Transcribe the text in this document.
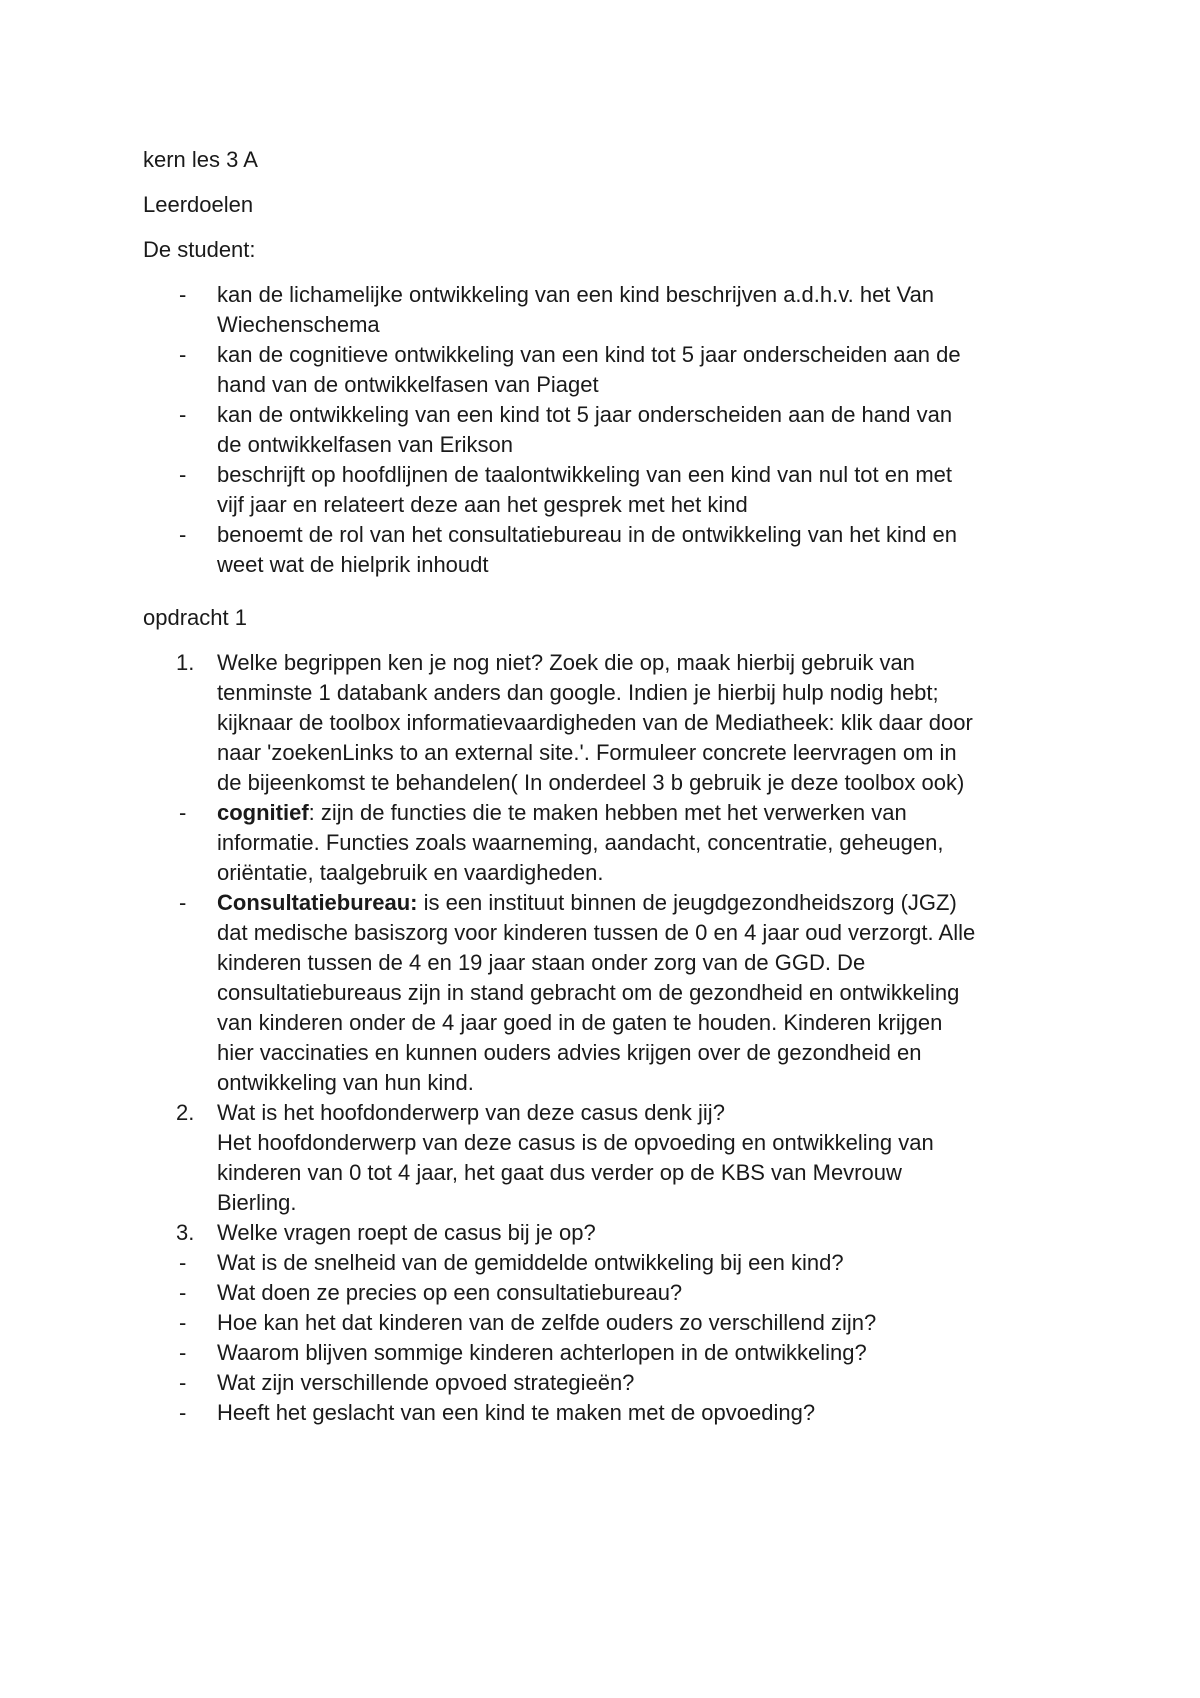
kern les 3 A

Leerdoelen

De student:

-	kan de lichamelijke ontwikkeling van een kind beschrijven a.d.h.v. het Van
Wiechenschema
-	kan de cognitieve ontwikkeling van een kind tot 5 jaar onderscheiden aan de
hand van de ontwikkelfasen van Piaget
-	kan de ontwikkeling van een kind tot 5 jaar onderscheiden aan de hand van
de ontwikkelfasen van Erikson
-	beschrijft op hoofdlijnen de taalontwikkeling van een kind van nul tot en met
vijf jaar en relateert deze aan het gesprek met het kind
-	benoemt de rol van het consultatiebureau in de ontwikkeling van het kind en
weet wat de hielprik inhoudt

opdracht 1

1.	Welke begrippen ken je nog niet? Zoek die op, maak hierbij gebruik van
tenminste 1 databank anders dan google. Indien je hierbij hulp nodig hebt;
kijknaar de toolbox informatievaardigheden van de Mediatheek: klik daar door
naar 'zoekenLinks to an external site.'. Formuleer concrete leervragen om in
de bijeenkomst te behandelen( In onderdeel 3 b gebruik je deze toolbox ook)
-	cognitief: zijn de functies die te maken hebben met het verwerken van
informatie. Functies zoals waarneming, aandacht, concentratie, geheugen,
oriëntatie, taalgebruik en vaardigheden.
-	Consultatiebureau: is een instituut binnen de jeugdgezondheidszorg (JGZ)
dat medische basiszorg voor kinderen tussen de 0 en 4 jaar oud verzorgt. Alle
kinderen tussen de 4 en 19 jaar staan onder zorg van de GGD. De
consultatiebureaus zijn in stand gebracht om de gezondheid en ontwikkeling
van kinderen onder de 4 jaar goed in de gaten te houden. Kinderen krijgen
hier vaccinaties en kunnen ouders advies krijgen over de gezondheid en
ontwikkeling van hun kind.
2.	Wat is het hoofdonderwerp van deze casus denk jij?
Het hoofdonderwerp van deze casus is de opvoeding en ontwikkeling van
kinderen van 0 tot 4 jaar, het gaat dus verder op de KBS van Mevrouw
Bierling.
3.	Welke vragen roept de casus bij je op?
-	Wat is de snelheid van de gemiddelde ontwikkeling bij een kind?
-	Wat doen ze precies op een consultatiebureau?
-	Hoe kan het dat kinderen van de zelfde ouders zo verschillend zijn?
-	Waarom blijven sommige kinderen achterlopen in de ontwikkeling?
-	Wat zijn verschillende opvoed strategieën?
-	Heeft het geslacht van een kind te maken met de opvoeding?
